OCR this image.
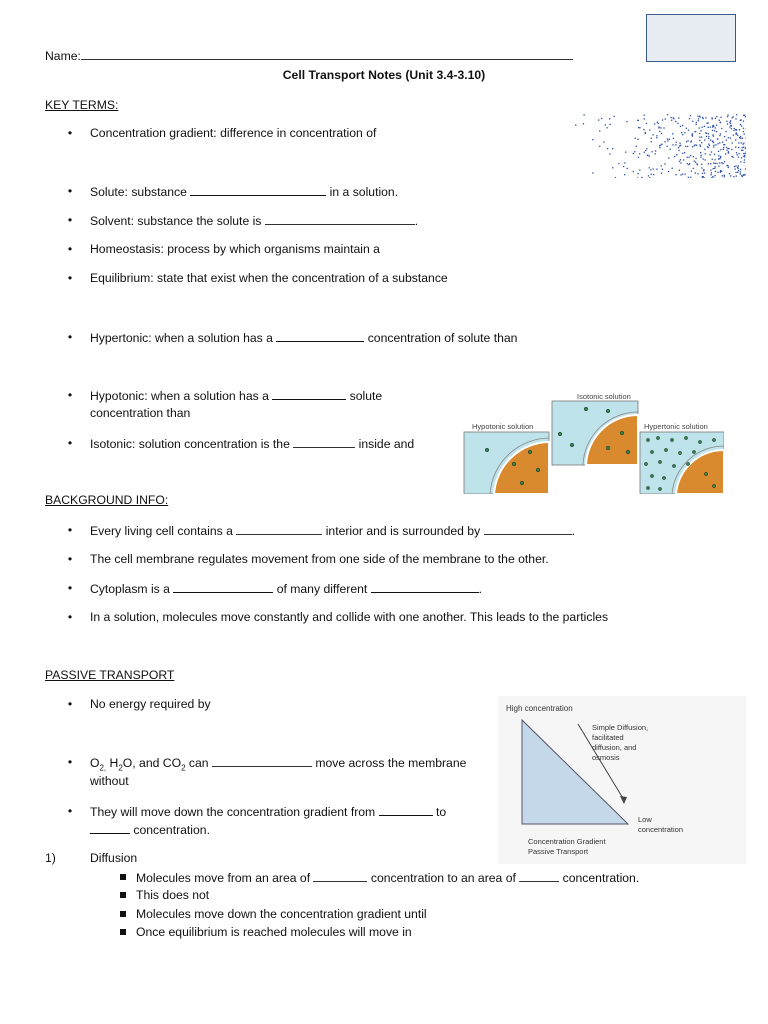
Name:
Cell Transport Notes (Unit 3.4-3.10)
KEY TERMS:
• Concentration gradient: difference in concentration of
• Solute: substance	in a solution.
• Solvent: substance the solute is	.
• Homeostasis: process by which organisms maintain a
• Equilibrium: state that exist when the concentration of a substance
• Hypertonic: when a solution has a	concentration of solute than
• Hypotonic: when a solution has a	solute
concentration than
• Isotonic: solution concentration is the	inside and
Isotonic solution
Hypotonic solution	Hypertonic solution
BACKGROUND INFO:
• Every living cell contains a	interior and is surrounded by	.
• The cell membrane regulates movement from one side of the membrane to the other.
• Cytoplasm is a	of many different	.
• In a solution, molecules move constantly and collide with one another. This leads to the particles
PASSIVE TRANSPORT
• No energy required by
• $O_{2,}$ $H_2O$, and $CO_2$ can	move across the membrane
without
• They will move down the concentration gradient from	to
concentration.
1)	Diffusion
Molecules move from an area of	concentration to an area of	concentration.
This does not
Molecules move down the concentration gradient until
Once equilibrium is reached molecules will move in
High concentration
Simple Diffusion, facilitated diffusion, and osmosis
Low concentration
Concentration Gradient Passive Transport
